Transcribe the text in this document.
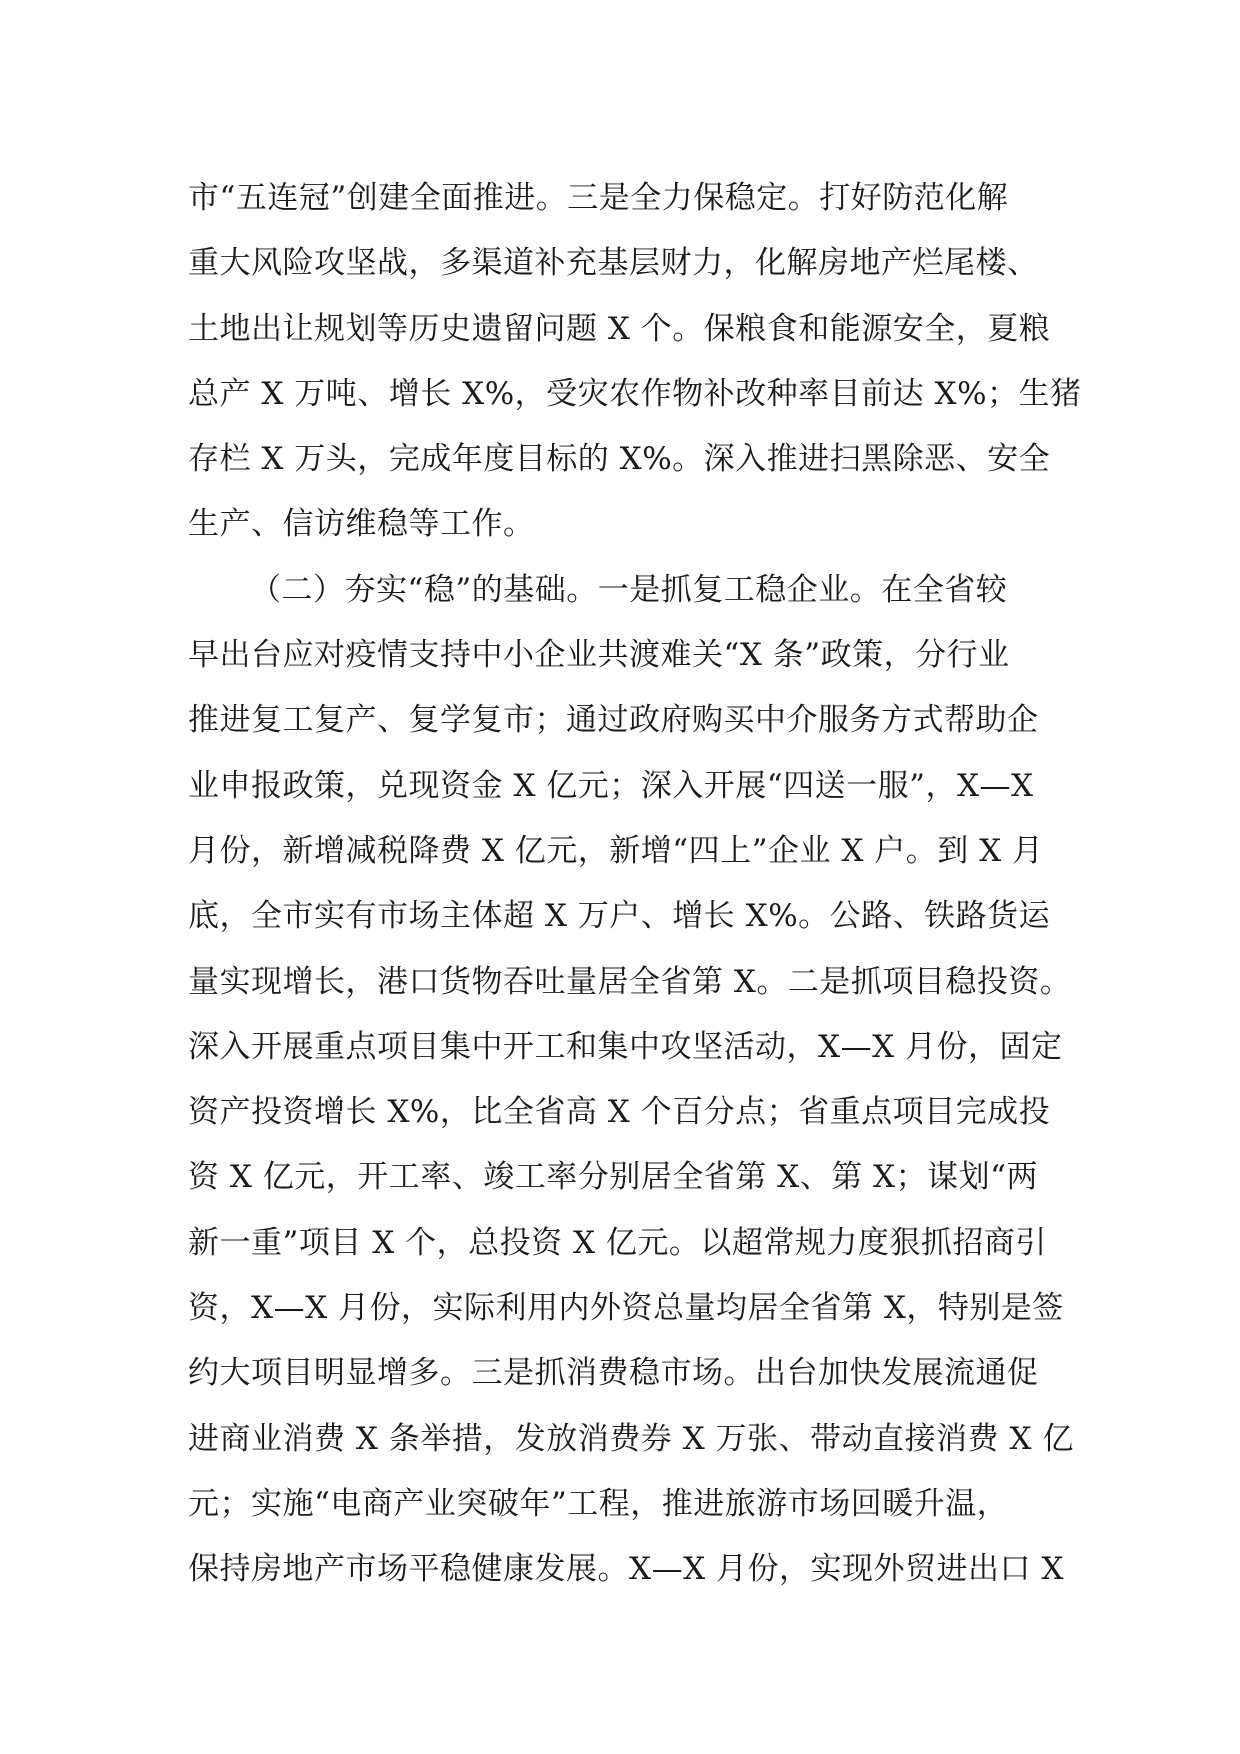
市“五连冠”创建全面推进。三是全力保稳定。打好防范化解
重大风险攻坚战，多渠道补充基层财力，化解房地产烂尾楼、
土地出让规划等历史遗留问题 X 个。保粮食和能源安全，夏粮
总产 X 万吨、增长 X%，受灾农作物补改种率目前达 X%；生猪
存栏 X 万头，完成年度目标的 X%。深入推进扫黑除恶、安全
生产、信访维稳等工作。
（二）夯实“稳”的基础。一是抓复工稳企业。在全省较
早出台应对疫情支持中小企业共渡难关“X 条”政策，分行业
推进复工复产、复学复市；通过政府购买中介服务方式帮助企
业申报政策，兑现资金 X 亿元；深入开展“四送一服”，X—X
月份，新增减税降费 X 亿元，新增“四上”企业 X 户。到 X 月
底，全市实有市场主体超 X 万户、增长 X%。公路、铁路货运
量实现增长，港口货物吞吐量居全省第 X。二是抓项目稳投资。
深入开展重点项目集中开工和集中攻坚活动，X—X 月份，固定
资产投资增长 X%，比全省高 X 个百分点；省重点项目完成投
资 X 亿元，开工率、竣工率分别居全省第 X、第 X；谋划“两
新一重”项目 X 个，总投资 X 亿元。以超常规力度狠抓招商引
资，X—X 月份，实际利用内外资总量均居全省第 X，特别是签
约大项目明显增多。三是抓消费稳市场。出台加快发展流通促
进商业消费 X 条举措，发放消费券 X 万张、带动直接消费 X 亿
元；实施“电商产业突破年”工程，推进旅游市场回暖升温，
保持房地产市场平稳健康发展。X—X 月份，实现外贸进出口 X
